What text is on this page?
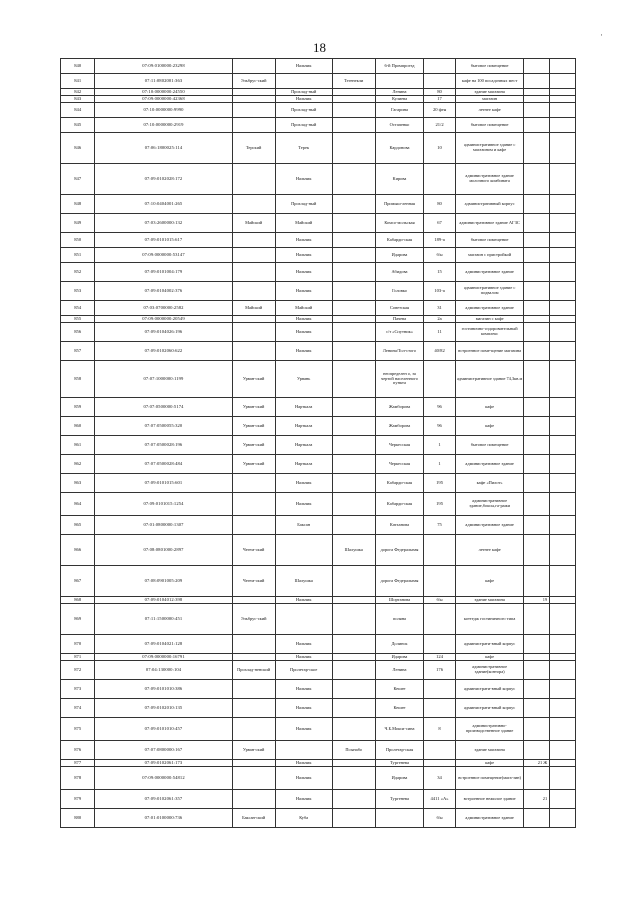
18
·
840	07:09:0100000:23298		Нальчик		6-й Промпроезд		бытовое помещение		
841	07:11:0802001:363	Эльбрус-ский		Тегенекли			кафе на 100 посадочных мест		
842	07:10:0000000:24550		Прохлад-ный		Ленина	80	здание магазина		
843	07:09:0000000:42368		Нальчик		Кулиева	17	магазин		
844	07:10:0000000:9990		Прохлад-ный		Гагарина	20 фен	летнее кафе		
845	07:10:0000000:2919		Прохлад-ный		Остапенко	21/2	бытовое помещение		
846	07:06:1800025:114	Терский	Терек		Кардонова	10	административное здание с магазином и кафе		
847	07:09:0102028:172		Нальчик		Кирова		административное здание молочного комбината		
848	07:10:0404001:265		Прохлад-ный		Промыш-ленная	80	административный корпус		
849	07:03:2600000:132	Майский	Майский		Комсо-мольская	67	административное здание АГЗС		
850	07:09:0101015:617		Нальчик		Кабарди-ская	189-а	бытовое помещение		
851	07:09:0000000:53147		Нальчик		Идарова	б/н	магазин с пристройкой		
852	07:09:0101004:179		Нальчик		Абидова	15	административное здание		
853	07:09:0104002:376		Нальчик		Головко	103-а	административное здание с подвалом		
854	07:03:0700000:2582	Майский	Майский		Советская	31	административное здание		
855	07:09:0000000:20549		Нальчик		Пачева	2а	магазин с кафе		
856	07:09:0104026:196		Нальчик		с/т «Спутник»	11	гостинично-оздоровительный комплекс		
857	07:09:0102060:622		Нальчик		Ленина/Тол-стого	40/82	встроенное поме-щение магазина		
858	07:07:1000000:1199	Урван-ский	Урвань		неопределен о, за чертой населенного пункта		административное здание 74,3кв.м		
859	07:07:0500000:5174	Урван-ский	Нарткала		Жамборова	96	кафе		
860	07:07:0500055:320	Урван-ский	Нарткала		Жамборова	96	кафе		
861	07:07:0500028:196	Урван-ский	Нарткала		Черкесская	1	бытовое помещение		
862	07:07:0500028:484	Урван-ский	Нарткала		Черкесская	1	административное здание		
863	07:09:0101015:601		Нальчик		Кабарди-ская	195	кафе «Пилот»		
864	07:09:0101015:1254		Нальчик		Кабарди-ская	195	административное здание,боксы,га-ражи		
865	07:01:0800000:1307		Баксан		Катханова	75	административное здание		
866	07:08:0801000:2897	Чегем-ский		Шалушка	дорога Федеральная		летнее кафе		
867	07:08:0901005:209	Чегем-ский	Шалушка		дорога Федеральная		кафе		
868	07:09:0104012:398		Нальчик		Шортанова	б/н	здание магазина	19	
869	07:11:1500000:451	Эльбрус-ский			поляна		коттедж гостиничного типа		
870	07:09:0104021:128		Нальчик		Долинск		администрати-вный корпус		
871	07:09:0000000:16791		Нальчик		Идарова	124	кафе		
872	07:04:130000:104	Прохлад-ненский	Пролетар-ское		Ленина	176	административное здание(контора)		
873	07:09:0101010:386		Нальчик		Кешее		администрати-вный корпус		
874	07:09:0102010:135		Нальчик		Кешее		администрати-вный корпус		
875	07:09:0101010:457		Нальчик		Ч.Б.Мокси-сина	8	административно-производственное здание		
876	07:07:0800000:167	Урван-ский		Псынабо	Пролетар-ская		здание магазина		
877	07:09:0102061:173		Нальчик		Тургенева		кафе	21 Ж	
878	07:09:0000000:54812		Нальчик		Идарова	34	встроенное помещение(мага-зин)		
879	07:09:0102061:357		Нальчик		Тургенева	4411 «А»	встроенное нежилое здание	21	
880	07:01:0100000:736	Баксан-ский	Куба			б/н	административное здание		
